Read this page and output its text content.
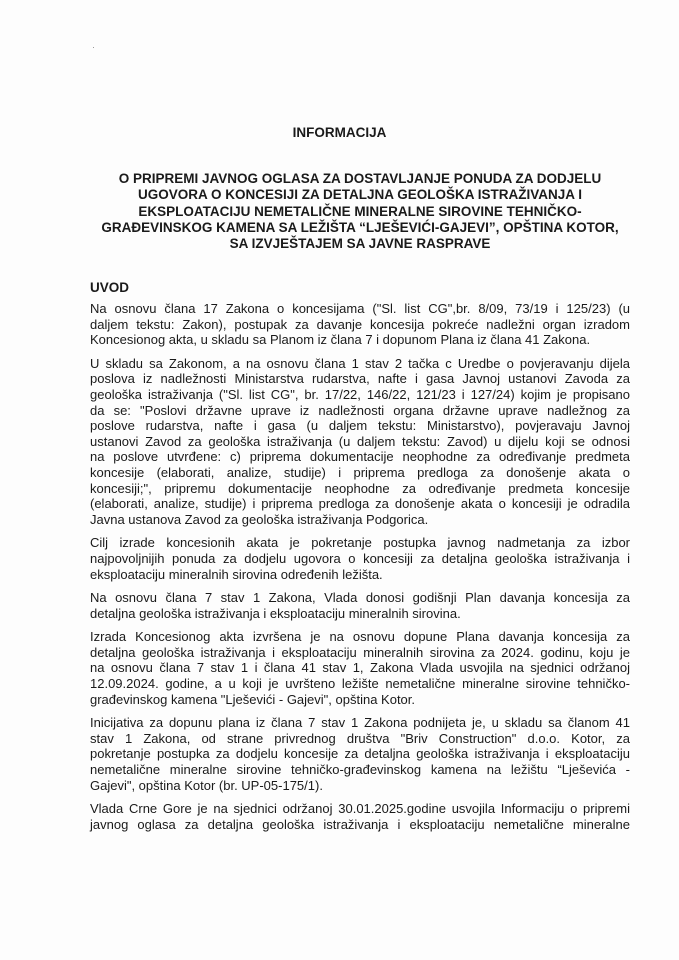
INFORMACIJA
O PRIPREMI JAVNOG OGLASA ZA DOSTAVLJANJE PONUDA ZA DODJELU
UGOVORA O KONCESIJI ZA DETALJNA GEOLOŠKA ISTRAŽIVANJA I
EKSPLOATACIJU NEMETALIČNE MINERALNE SIROVINE TEHNIČKO-
GRAĐEVINSKOG KAMENA SA LEŽIŠTA “LJEŠEVIĆI-GAJEVI”, OPŠTINA KOTOR,
SA IZVJEŠTAJEM SA JAVNE RASPRAVE
UVOD
Na osnovu člana 17 Zakona o koncesijama ("Sl. list CG",br. 8/09, 73/19 i 125/23) (u
daljem tekstu: Zakon), postupak za davanje koncesija pokreće nadležni organ izradom
Koncesionog akta, u skladu sa Planom iz člana 7 i dopunom Plana iz člana 41 Zakona.
U skladu sa Zakonom, a na osnovu člana 1 stav 2 tačka c Uredbe o povjeravanju dijela
poslova iz nadležnosti Ministarstva rudarstva, nafte i gasa Javnoj ustanovi Zavoda za
geološka istraživanja ("Sl. list CG", br. 17/22, 146/22, 121/23 i 127/24) kojim je propisano
da se: "Poslovi državne uprave iz nadležnosti organa državne uprave nadležnog za
poslove rudarstva, nafte i gasa (u daljem tekstu: Ministarstvo), povjeravaju Javnoj
ustanovi Zavod za geološka istraživanja (u daljem tekstu: Zavod) u dijelu koji se odnosi
na poslove utvrđene: c) priprema dokumentacije neophodne za određivanje predmeta
koncesije (elaborati, analize, studije) i priprema predloga za donošenje akata o
koncesiji;", pripremu dokumentacije neophodne za određivanje predmeta koncesije
(elaborati, analize, studije) i priprema predloga za donošenje akata o koncesiji je odradila
Javna ustanova Zavod za geološka istraživanja Podgorica.
Cilj izrade koncesionih akata je pokretanje postupka javnog nadmetanja za izbor
najpovoljnijih ponuda za dodjelu ugovora o koncesiji za detaljna geološka istraživanja i
eksploataciju mineralnih sirovina određenih ležišta.
Na osnovu člana 7 stav 1 Zakona, Vlada donosi godišnji Plan davanja koncesija za
detaljna geološka istraživanja i eksploataciju mineralnih sirovina.
Izrada Koncesionog akta izvršena je na osnovu dopune Plana davanja koncesija za
detaljna geološka istraživanja i eksploataciju mineralnih sirovina za 2024. godinu, koju je
na osnovu člana 7 stav 1 i člana 41 stav 1, Zakona Vlada usvojila na sjednici održanoj
12.09.2024. godine, a u koji je uvršteno ležište nemetalične mineralne sirovine tehničko-
građevinskog kamena "Lješevići - Gajevi", opština Kotor.
Inicijativa za dopunu plana iz člana 7 stav 1 Zakona podnijeta je, u skladu sa članom 41
stav 1 Zakona, od strane privrednog društva "Briv Construction" d.o.o. Kotor, za
pokretanje postupka za dodjelu koncesije za detaljna geološka istraživanja i eksploataciju
nemetalične mineralne sirovine tehničko-građevinskog kamena na ležištu “Lješevića -
Gajevi", opština Kotor (br. UP-05-175/1).
Vlada Crne Gore je na sjednici održanoj 30.01.2025.godine usvojila Informaciju o pripremi
javnog oglasa za detaljna geološka istraživanja i eksploataciju nemetalične mineralne
